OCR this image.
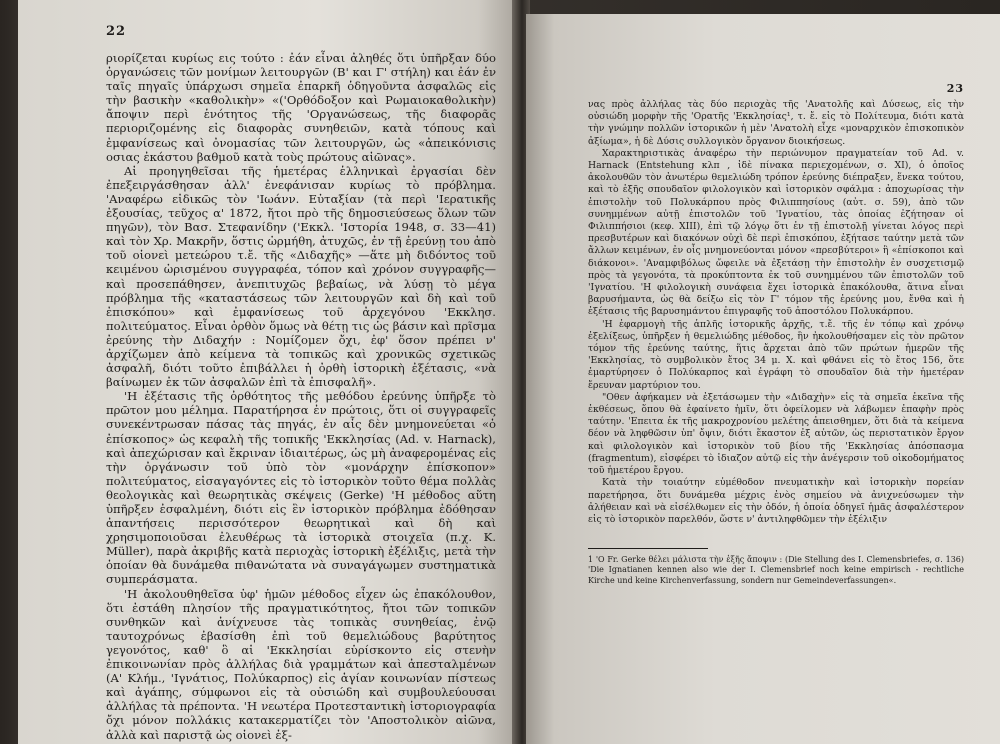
22

ριορίζεται κυρίως εις τούτο : ἐάν εἶναι ἀληθές ὅτι ὑπῆρξαν δύο ὀργανώσεις τῶν μονίμων λειτουργῶν (Β' και Γ' στήλη) και ἐάν ἐν ταῖς πηγαῖς ὑπάρχωσι σημεῖα ἐπαρκῆ ὁδηγοῦντα ἀσφαλῶς εἰς τὴν βασικὴν «καθολικὴν» «('Ορθόδοξον καὶ Ρωμαιοκαθολικὴν) ἄποψιν περὶ ἑνότητος τῆς 'Οργανώσεως, τῆς διαφορᾶς περιοριζομένης εἰς διαφορὰς συνηθειῶν, κατὰ τόπους καὶ ἐμφανίσεως καὶ ὀνομασίας τῶν λειτουργῶν, ὡς «ἀπεικόνισις οσιας ἐκάστου βαθμοῦ κατὰ τοὺς πρώτους αἰῶνας».

Αἱ προηγηθεῖσαι τῆς ἡμετέρας ἑλληνικαὶ ἐργασίαι δὲν ἐπεξειργάσθησαν ἀλλ' ἐνεφάνισαν κυρίως τὸ πρόβλημα. 'Αναφέρω εἰδικῶς τὸν 'Ιωάνν. Εὐταξίαν (τὰ περὶ 'Ιερατικῆς ἐξουσίας, τεῦχος α' 1872, ἤτοι πρὸ τῆς δημοσιεύσεως ὅλων τῶν πηγῶν), τὸν Βασ. Στεφανίδην ('Εκκλ. 'Ιστορία 1948, σ. 33—41) καὶ τὸν Χρ. Μακρῆν, ὅστις ὡρμήθη, ἀτυχῶς, ἐν τῇ ἐρεύνῃ του ἀπὸ τοῦ οἱονεὶ μετεώρου τ.ἔ. τῆς «Διδαχῆς» —ἅτε μὴ διδόντος τοῦ κειμένου ὡρισμένου συγγραφέα, τόπον καὶ χρόνον συγγραφῆς— καὶ προσεπάθησεν, ἀνεπιτυχῶς βεβαίως, νὰ λύσῃ τὸ μέγα πρόβλημα τῆς «καταστάσεως τῶν λειτουργῶν καὶ δὴ καὶ τοῦ ἐπισκόπου» καὶ ἐμφανίσεως τοῦ ἀρχεγόνου 'Εκκλησ. πολιτεύματος. Εἶναι ὀρθὸν ὅμως νὰ θέτῃ τις ὡς βάσιν καὶ πρῖσμα ἐρεύνης τὴν Διδαχήν : Νομίζομεν ὄχι, ἐφ' ὅσον πρέπει ν' ἀρχίζωμεν ἀπὸ κείμενα τὰ τοπικῶς καὶ χρονικῶς σχετικῶς ἀσφαλῆ, διότι τοῦτο ἐπιβάλλει ἡ ὀρθὴ ἱστορικὴ ἐξέτασις, «νὰ βαίνωμεν ἐκ τῶν ἀσφαλῶν ἐπὶ τὰ ἐπισφαλῆ».

'Η ἐξέτασις τῆς ὀρθότητος τῆς μεθόδου ἐρεύνης ὑπῆρξε τὸ πρῶτον μου μέλημα. Παρατήρησα ἐν πρώτοις, ὅτι οἱ συγγραφεῖς συνεκέντρωσαν πάσας τὰς πηγάς, ἐν αἷς δὲν μνημονεύεται «ὁ ἐπίσκοπος» ὡς κεφαλὴ τῆς τοπικῆς 'Εκκλησίας (Ad. v. Harnack), καὶ ἀπεχώρισαν καὶ ἔκριναν ἰδιαιτέρως, ὡς μὴ ἀναφερομένας εἰς τὴν ὀργάνωσιν τοῦ ὑπὸ τὸν «μονάρχην ἐπίσκοπον» πολιτεύματος, εἰσαγαγόντες εἰς τὸ ἱστορικὸν τοῦτο θέμα πολλὰς θεολογικὰς καὶ θεωρητικὰς σκέψεις (Gerke) 'Η μέθοδος αὕτη ὑπῆρξεν ἐσφαλμένη, διότι εἰς ἓν ἱστορικὸν πρόβλημα ἐδόθησαν ἀπαντήσεις περισσότερον θεωρητικαὶ καὶ δὴ καὶ χρησιμοποιοῦσαι ἐλευθέρως τὰ ἱστορικὰ στοιχεῖα (π.χ. K. Müller), παρὰ ἀκριβῆς κατὰ περιοχὰς ἱστορικὴ ἐξέλιξις, μετὰ τὴν ὁποίαν θὰ δυνάμεθα πιθανώτατα νὰ συναγάγωμεν συστηματικὰ συμπεράσματα.

'Η ἀκολουθηθεῖσα ὑφ' ἡμῶν μέθοδος εἶχεν ὡς ἐπακόλουθον, ὅτι ἐστάθη πλησίον τῆς πραγματικότητος, ἤτοι τῶν τοπικῶν συνθηκῶν καὶ ἀνίχνευσε τὰς τοπικὰς συνηθείας, ἐνῷ ταυτοχρόνως ἐβασίσθη ἐπὶ τοῦ θεμελιώδους βαρύτητος γεγονότος, καθ' ὃ αἱ 'Εκκλησίαι εὑρίσκοντο εἰς στενὴν ἐπικοινωνίαν πρὸς ἀλλήλας διὰ γραμμάτων καὶ ἀπεσταλμένων (Α' Κλήμ., 'Ιγνάτιος, Πολύκαρπος) εἰς ἁγίαν κοινωνίαν πίστεως καὶ ἀγάπης, σύμφωνοι εἰς τὰ οὐσιώδη καὶ συμβουλεύουσαι ἀλλήλας τὰ πρέποντα. 'Η νεωτέρα Προτεσταντικὴ ἱστοριογραφία ὄχι μόνον πολλάκις κατακερματίζει τὸν 'Αποστολικὸν αἰῶνα, ἀλλὰ καὶ παριστᾷ ὡς οἱονεὶ ἑξ-

23

νας πρὸς ἀλλήλας τὰς δύο περιοχὰς τῆς 'Ανατολῆς καὶ Δύσεως, εἰς τὴν οὐσιώδη μορφὴν τῆς 'Ορατῆς 'Εκκλησίας¹, τ. ἔ. εἰς τὸ Πολίτευμα, διότι κατὰ τὴν γνώμην πολλῶν ἱστορικῶν ἡ μὲν 'Ανατολὴ εἶχε «μοναρχικὸν ἐπισκοπικὸν ἀξίωμα», ἡ δὲ Δύσις συλλογικὸν ὄργανον διοικήσεως.

Χαρακτηριστικὰς ἀναφέρω τὴν περιώνυμον πραγματείαν τοῦ Ad. v. Harnack (Entstehung κλπ , ἰδὲ πίνακα περιεχομένων, σ. XI), ὁ ὁποῖος ἀκολουθῶν τὸν ἀνωτέρω θεμελιώδη τρόπον ἐρεύνης διέπραξεν, ἕνεκα τούτου, καὶ τὸ ἑξῆς σπουδαῖον φιλολογικὸν καὶ ἱστορικὸν σφάλμα : ἀποχωρίσας τὴν ἐπιστολὴν τοῦ Πολυκάρπου πρὸς Φιλιππησίους (αὐτ. σ. 59), ἀπὸ τῶν συνημμένων αὐτῇ ἐπιστολῶν τοῦ 'Ιγνατίου, τὰς ὁποίας ἐζήτησαν οἱ Φιλιππήσιοι (κεφ. XIII), ἐπὶ τῷ λόγῳ ὅτι ἐν τῇ ἐπιστολῇ γίνεται λόγος περὶ πρεσβυτέρων καὶ διακόνων οὐχὶ δὲ περὶ ἐπισκόπου, ἐξήτασε ταύτην μετὰ τῶν ἄλλων κειμένων, ἐν οἷς μνημονεύονται μόνον «πρεσβύτεροι» ἢ «ἐπίσκοποι καὶ διάκονοι». 'Αναμφιβόλως ὤφειλε νὰ ἐξετάσῃ τὴν ἐπιστολὴν ἐν συσχετισμῷ πρὸς τὰ γεγονότα, τὰ προκύπτοντα ἐκ τοῦ συνημμένου τῶν ἐπιστολῶν τοῦ 'Ιγνατίου. 'Η φιλολογικὴ συνάφεια ἔχει ἱστορικὰ ἐπακόλουθα, ἅτινα εἶναι βαρυσήμαντα, ὡς θὰ δείξω εἰς τὸν Γ' τόμον τῆς ἐρεύνης μου, ἔνθα καὶ ἡ ἐξέτασις τῆς βαρυσημάντου ἐπιγραφῆς τοῦ ἀποστόλου Πολυκάρπου.

'Η ἐφαρμογὴ τῆς ἁπλῆς ἱστορικῆς ἀρχῆς, τ.ἔ. τῆς ἐν τόπῳ καὶ χρόνῳ ἐξελίξεως, ὑπῆρξεν ἡ θεμελιώδης μέθοδος, ἣν ἠκολουθήσαμεν εἰς τὸν πρῶτον τόμον τῆς ἐρεύνης ταύτης, ἥτις ἄρχεται ἀπὸ τῶν πρώτων ἡμερῶν τῆς 'Εκκλησίας, τὸ συμβολικὸν ἔτος 34 μ. Χ. καὶ φθάνει εἰς τὸ ἔτος 156, ὅτε ἐμαρτύρησεν ὁ Πολύκαρπος καὶ ἐγράφη τὸ σπουδαῖον διὰ τὴν ἡμετέραν ἔρευναν μαρτύριον του.

"Οθεν ἀφήκαμεν νὰ ἐξετάσωμεν τὴν «Διδαχὴν» εἰς τὰ σημεῖα ἐκεῖνα τῆς ἐκθέσεως, ὅπου θὰ ἐφαίνετο ἡμῖν, ὅτι ὀφείλομεν νὰ λάβωμεν ἐπαφὴν πρὸς ταύτην. 'Επειτα ἐκ τῆς μακροχρονίου μελέτης ἀπεισθημεν, ὅτι διὰ τὰ κείμενα δέον νὰ ληφθῶσιν ὑπ' ὄψιν, διότι ἕκαστον ἐξ αὐτῶν, ὡς περιστατικὸν ἔργον καὶ φιλολογικὸν καὶ ἱστορικὸν τοῦ βίου τῆς 'Εκκλησίας ἀπόσπασμα (fragmentum), εἰσφέρει τὸ ἰδιαζον αὐτῷ εἰς τὴν ἀνέγερσιν τοῦ οἰκοδομήματος τοῦ ἡμετέρου ἔργου.

Κατὰ τὴν τοιαύτην εὐμέθοδον πνευματικὴν καὶ ἱστορικὴν πορείαν παρετήρησα, ὅτι δυνάμεθα μέχρις ἑνὸς σημείου νὰ ἀνιχνεύσωμεν τὴν ἀλήθειαν καὶ νὰ εἰσέλθωμεν εἰς τὴν ὁδόν, ἡ ὁποία ὁδηγεῖ ἡμᾶς ἀσφαλέστερον εἰς τὸ ἱστορικὸν παρελθόν, ὥστε ν' ἀντιληφθῶμεν τὴν ἐξέλιξιν

1 'Ο Fr. Gerke θέλει μάλιστα τὴν ἑξῆς ἄποψιν : (Die Stellung des I. Clemensbriefes, σ. 136) 'Die Ignatianen kennen also wie der I. Clemensbrief noch keine empirisch - rechtliche Kirche und keine Kirchenverfassung, sondern nur Gemeindeverfassungen«.
